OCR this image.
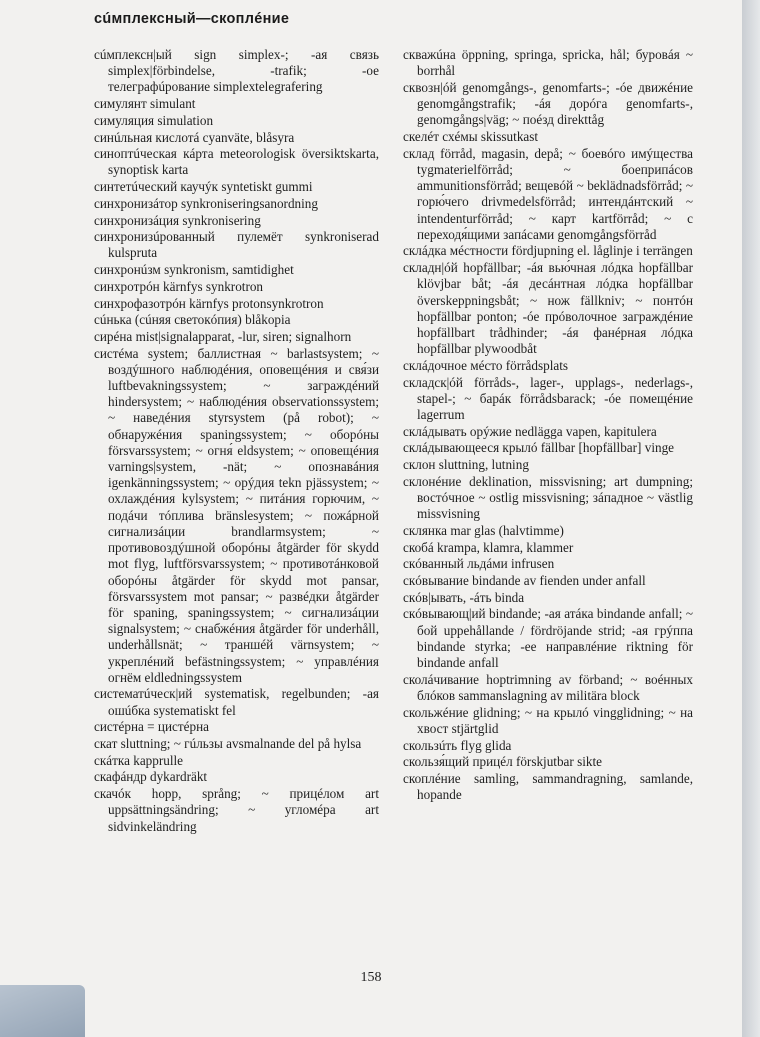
сúмплексный—скоплéние
сúмплексн|ый sign simplex-; -ая связь simplex|förbindelse, -trafik; -ое телеграфúрование simplextelegrafering
симулянт simulant
симуляция simulation
синúльная кислотá cyanväte, blåsyra
синоптúческая кáрта meteorologisk översiktskarta, synoptisk karta
синтетúческий каучýк syntetiskt gummi
синхронизáтор synkroniseringsanordning
синхронизáция synkronisering
синхронизúрованный пулемёт synkroniserad kulspruta
синхронúзм synkronism, samtidighet
синхротрóн kärnfys synkrotron
синхрофазотрóн kärnfys protonsynkrotron
сúнька (сúняя светокóпия) blåkopia
сирéна mist|signalapparat, -lur, siren; signalhorn
систéма system; баллистная ~ barlastsystem; ~ воздýшного наблюдéния, оповещéния и свя́зи luftbevakningssystem; ~ заграждéний hindersystem; ~ наблюдéния observationssystem; ~ наведéния styrsystem (på robot); ~ обнаружéния spaningssystem; ~ оборóны försvarssystem; ~ огня́ eldsystem; ~ оповещéния varnings|system, -nät; ~ опознавáния igenkänningssystem; ~ орýдия tekn pjässystem; ~ охлаждéния kylsystem; ~ питáния горючим, ~ подáчи тóплива bränslesystem; ~ пожáрной сигнализáции brandlarmsystem; ~ противовоздýшной оборóны åtgärder för skydd mot flyg, luftförsvarssystem; ~ противотáнковой оборóны åtgärder för skydd mot pansar, försvarssystem mot pansar; ~ развéдки åtgärder för spaning, spaningssystem; ~ сигнализáции signalsystem; ~ снабжéния åtgärder för underhåll, underhållsnät; ~ траншéй värnsystem; ~ укреплéний befästningssystem; ~ управлéния огнём eldledningssystem
систематúческ|ий systematisk, regelbunden; -ая ошúбка systematiskt fel
систéрна = цистéрна
скат sluttning; ~ гúльзы avsmalnande del på hylsa
скáтка kapprulle
скафáндр dykardräkt
скачóк hopp, språng; ~ прицéлом art uppsättningsändring; ~ угломéра art sidvinkeländring
скважúна öppning, springa, spricka, hål; буровáя ~ borrhål
сквозн|óй genomgångs-, genomfarts-; -óе движéние genomgångstrafik; -áя дорóга genomfarts-, genomgångs|väg; ~ поéзд direkttåg
скелéт схéмы skissutkast
склад förråd, magasin, depå; ~ боевóго имýщества tygmaterielförråd; ~ боеприпáсов ammunitionsförråd; вещевóй ~ beklädnadsförråd; ~ горю́чего drivmedelsförråd; интендáнтский ~ intendenturförråd; ~ карт kartförråd; ~ с переходя́щими запáсами genomgångsförråd
склáдка мéстности fördjupning el. låglinje i terrängen
складн|óй hopfällbar; -áя вью́чная лóдка hopfällbar klövjbar båt; -áя десáнтная лóдка hopfällbar överskeppningsbåt; ~ нож fällkniv; ~ понтóн hopfällbar ponton; -óе прóволочное заграждéние hopfällbart trådhinder; -áя фанéрная лóдка hopfällbar plywoodbåt
склáдочное мéсто förrådsplats
складск|óй förråds-, lager-, upplags-, nederlags-, stapel-; ~ барáк förrådsbarack; -óе помещéние lagerrum
склáдывать орýжие nedlägga vapen, kapitulera
склáдывающееся крылó fällbar [hopfällbar] vinge
склон sluttning, lutning
склонéние deklination, missvisning; art dumpning; востóчное ~ ostlig missvisning; зáпадное ~ västlig missvisning
склянка mar glas (halvtimme)
скобá krampa, klamra, klammer
скóванный льдáми infrusen
скóвывание bindande av fienden under anfall
скóв|ывать, -áть binda
скóвывающ|ий bindande; -ая атáка bindande anfall; ~ бой uppehållande / fördröjande strid; -ая грýппа bindande styrka; -ее направлéние riktning för bindande anfall
сколáчивание hoptrimning av förband; ~ воéнных блóков sammanslagning av militära block
скольжéние glidning; ~ на крылó vingglidning; ~ на хвост stjärtglid
скользúть flyg glida
скользя́щий прицéл förskjutbar sikte
скоплéние samling, sammandragning, samlande, hopande
158
